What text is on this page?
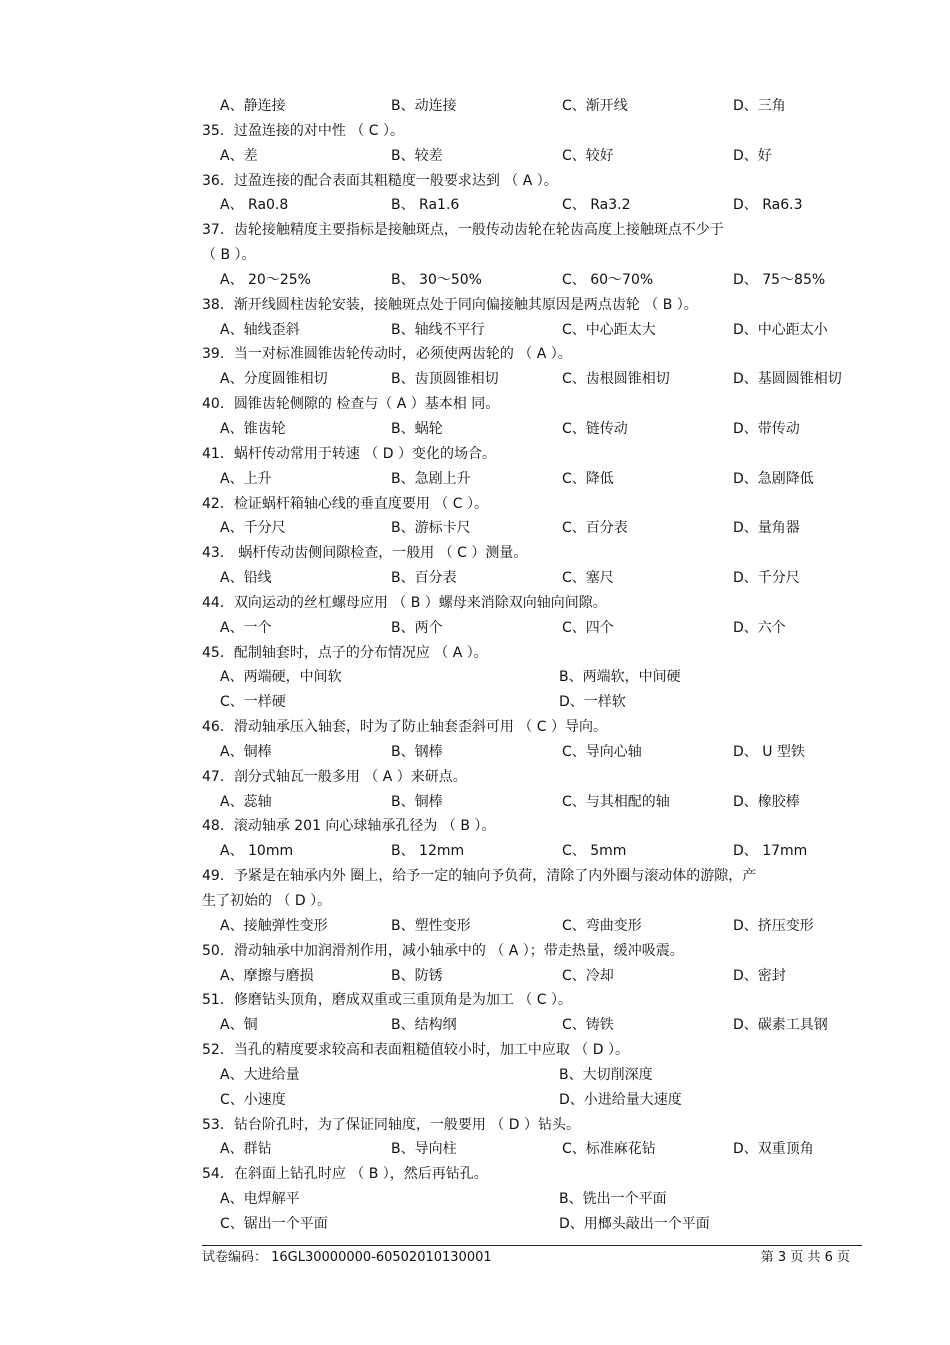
A、静连接	B、动连接	C、渐开线	D、三角
35．过盈连接的对中性 （ C ）。
A、差	B、较差	C、较好	D、好
36．过盈连接的配合表面其粗糙度一般要求达到 （ A ）。
A、 Ra0.8	B、 Ra1.6	C、 Ra3.2	D、 Ra6.3
37．齿轮接触精度主要指标是接触斑点，一般传动齿轮在轮齿高度上接触斑点不少于
（ B ）。
A、 20～25%	B、 30～50%	C、 60～70%	D、 75～85%
38．渐开线圆柱齿轮安装，接触斑点处于同向偏接触其原因是两点齿轮 （ B ）。
A、轴线歪斜	B、轴线不平行	C、中心距太大	D、中心距太小
39．当一对标准圆锥齿轮传动时，必须使两齿轮的 （ A ）。
A、分度圆锥相切	B、齿顶圆锥相切	C、齿根圆锥相切	D、基圆圆锥相切
40．圆锥齿轮侧隙的 检查与（ A ）基本相 同。
A、锥齿轮	B、蜗轮	C、链传动	D、带传动
41．蜗杆传动常用于转速 （ D ）变化的场合。
A、上升	B、急剧上升	C、降低	D、急剧降低
42．检证蜗杆箱轴心线的垂直度要用 （ C ）。
A、千分尺	B、游标卡尺	C、百分表	D、量角器
43． 蜗杆传动齿侧间隙检查，一般用 （ C ）测量。
A、铅线	B、百分表	C、塞尺	D、千分尺
44．双向运动的丝杠螺母应用 （ B ）螺母来消除双向轴向间隙。
A、一个	B、两个	C、四个	D、六个
45．配制轴套时，点子的分布情况应 （ A ）。
A、两端硬，中间软	B、两端软，中间硬
C、一样硬	D、一样软
46．滑动轴承压入轴套，时为了防止轴套歪斜可用 （ C ）导向。
A、铜棒	B、钢棒	C、导向心轴	D、 U 型铁
47．剖分式轴瓦一般多用 （ A ）来研点。
A、蕊轴	B、铜棒	C、与其相配的轴	D、橡胶棒
48．滚动轴承 201 向心球轴承孔径为 （ B ）。
A、 10mm	B、 12mm	C、 5mm	D、 17mm
49．予紧是在轴承内外 圈上，给予一定的轴向予负荷，清除了内外圈与滚动体的游隙，产
生了初始的 （ D ）。
A、接触弹性变形	B、塑性变形	C、弯曲变形	D、挤压变形
50．滑动轴承中加润滑剂作用，减小轴承中的 （ A ）；带走热量，缓冲吸震。
A、摩擦与磨损	B、防锈	C、冷却	D、密封
51．修磨钻头顶角，磨成双重或三重顶角是为加工 （ C ）。
A、铜	B、结构纲	C、铸铁	D、碳素工具钢
52．当孔的精度要求较高和表面粗糙值较小时，加工中应取 （ D ）。
A、大进给量	B、大切削深度
C、小速度	D、小进给量大速度
53．钻台阶孔时，为了保证同轴度，一般要用 （ D ）钻头。
A、群钻	B、导向柱	C、标准麻花钻	D、双重顶角
54．在斜面上钻孔时应 （ B ），然后再钻孔。
A、电焊解平	B、铣出一个平面
C、锯出一个平面	D、用榔头敲出一个平面
试卷编码： 16GL30000000-60502010130001	第 3 页 共 6 页
